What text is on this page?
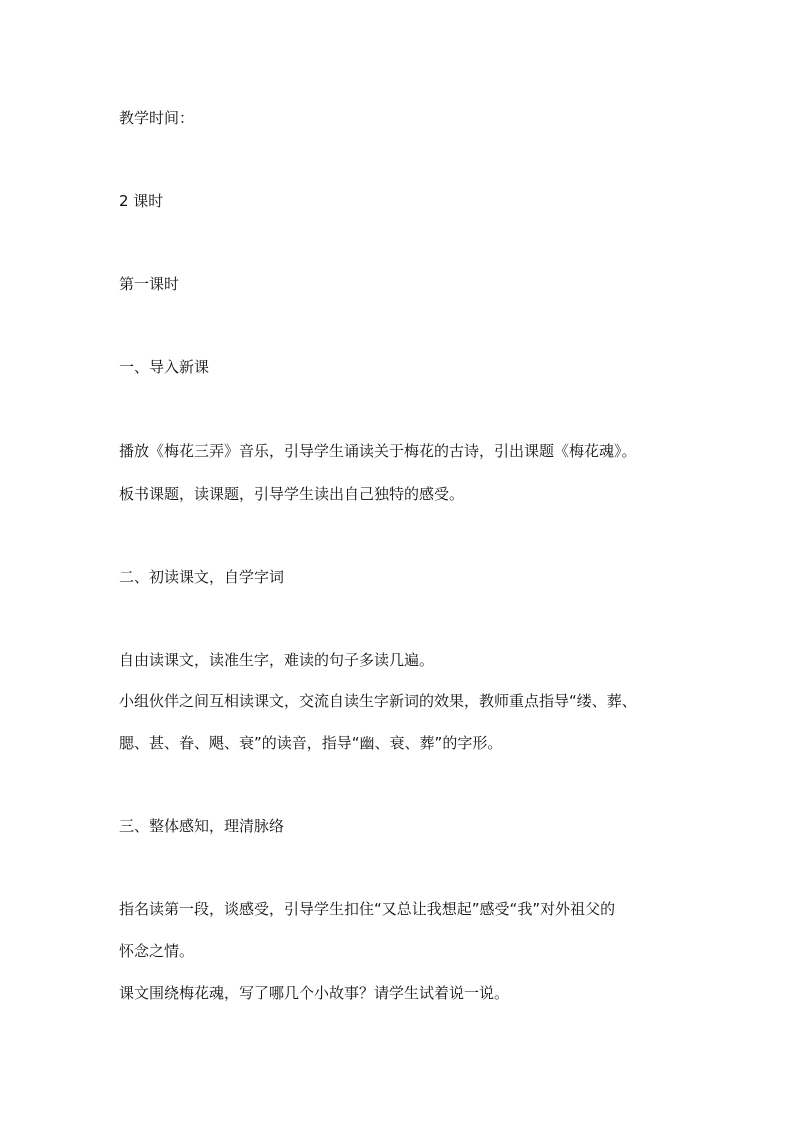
教学时间：

2 课时

第一课时

一、导入新课

播放《梅花三弄》音乐，引导学生诵读关于梅花的古诗，引出课题《梅花魂》。

板书课题，读课题，引导学生读出自己独特的感受。

二、初读课文，自学字词

自由读课文，读准生字，难读的句子多读几遍。

小组伙伴之间互相读课文，交流自读生字新词的效果，教师重点指导“缕、葬、

腮、甚、眷、飓、衰”的读音，指导“幽、衰、葬”的字形。

三、整体感知，理清脉络

指名读第一段，谈感受，引导学生扣住“又总让我想起”感受“我”对外祖父的

怀念之情。

课文围绕梅花魂，写了哪几个小故事？请学生试着说一说。
